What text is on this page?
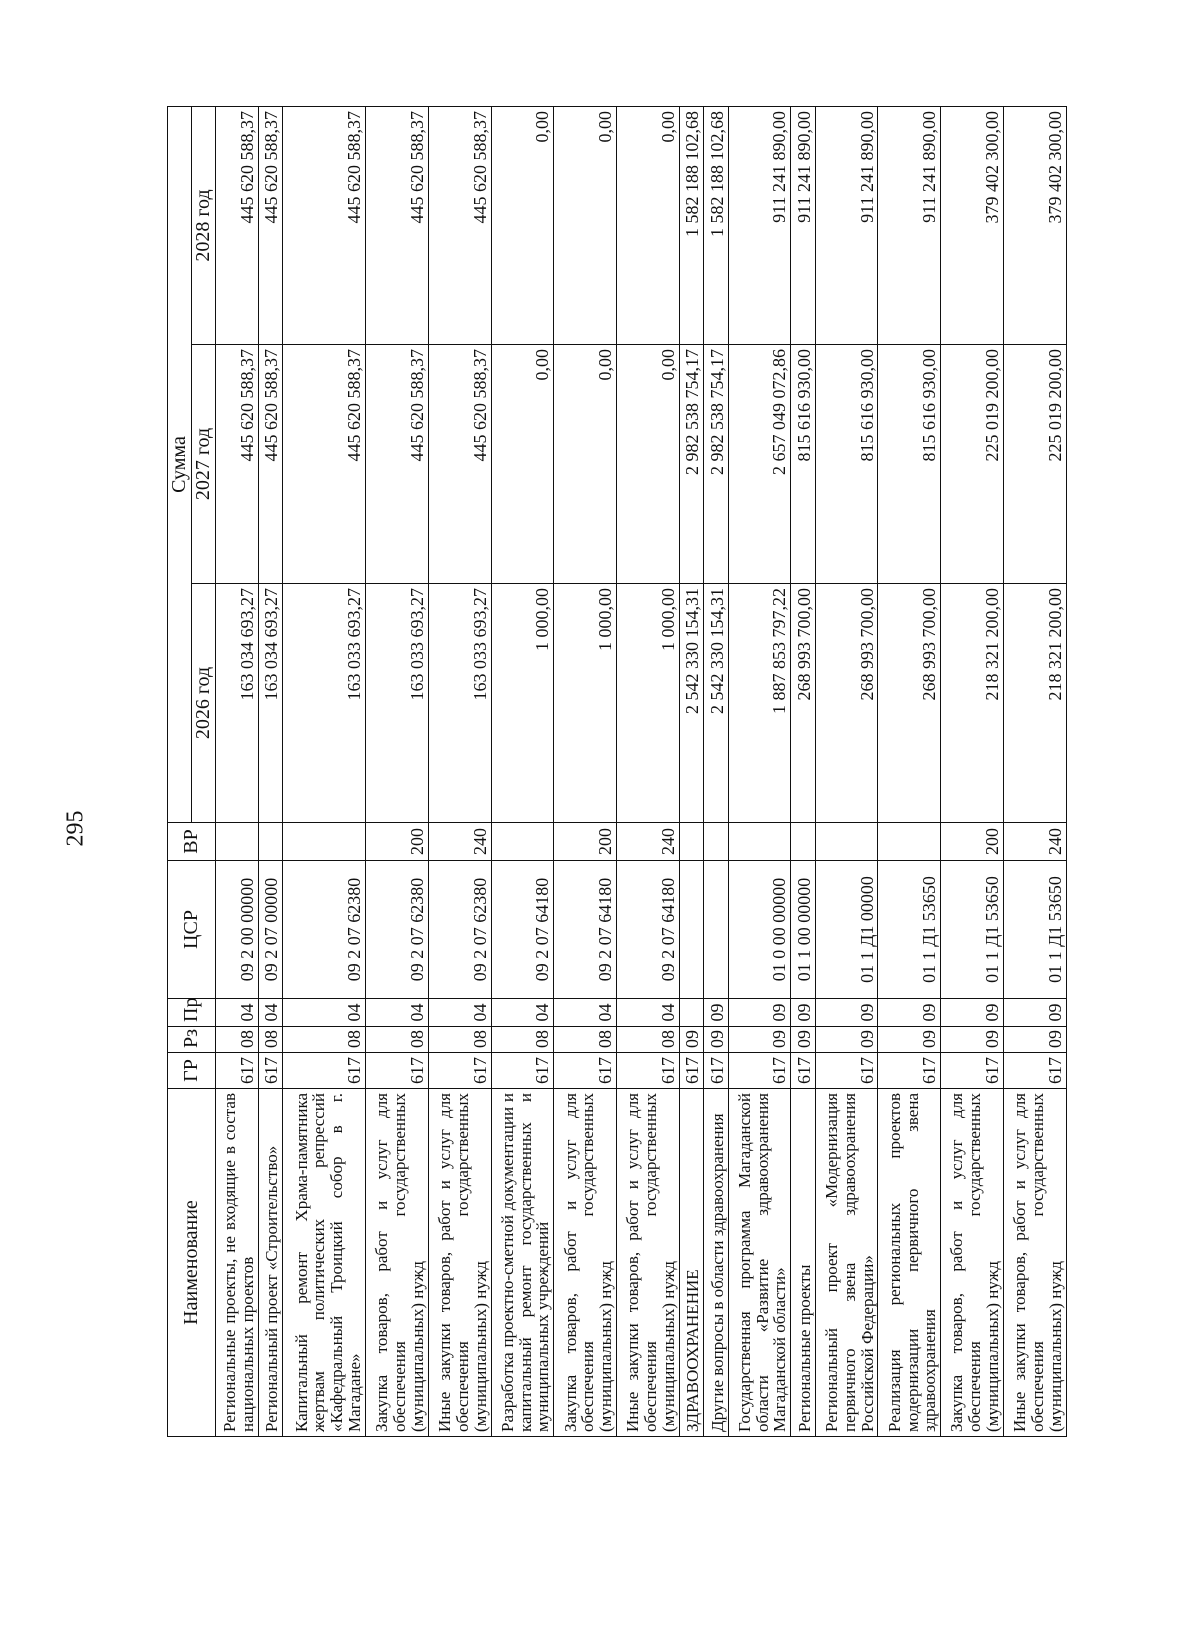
295
Наименование	ГР	Рз	Пр	ЦСР	ВР	Сумма		
						2026 год	2027 год	2028 год
Региональные проекты, не входящие в состав национальных проектов	617	08	04	09 2 00 00000		163 034 693,27	445 620 588,37	445 620 588,37
Региональный проект «Строительство»	617	08	04	09 2 07 00000		163 034 693,27	445 620 588,37	445 620 588,37
Капитальный ремонт Храма-памятника жертвам политических репрессий «Кафедральный Троицкий собор в г. Магадане»	617	08	04	09 2 07 62380		163 033 693,27	445 620 588,37	445 620 588,37
Закупка товаров, работ и услуг для обеспечения государственных (муниципальных) нужд	617	08	04	09 2 07 62380	200	163 033 693,27	445 620 588,37	445 620 588,37
Иные закупки товаров, работ и услуг для обеспечения государственных (муниципальных) нужд	617	08	04	09 2 07 62380	240	163 033 693,27	445 620 588,37	445 620 588,37
Разработка проектно-сметной документации и капитальный ремонт государственных и муниципальных учреждений	617	08	04	09 2 07 64180		1 000,00	0,00	0,00
Закупка товаров, работ и услуг для обеспечения государственных (муниципальных) нужд	617	08	04	09 2 07 64180	200	1 000,00	0,00	0,00
Иные закупки товаров, работ и услуг для обеспечения государственных (муниципальных) нужд	617	08	04	09 2 07 64180	240	1 000,00	0,00	0,00
ЗДРАВООХРАНЕНИЕ	617	09				2 542 330 154,31	2 982 538 754,17	1 582 188 102,68
Другие вопросы в области здравоохранения	617	09	09			2 542 330 154,31	2 982 538 754,17	1 582 188 102,68
Государственная программа Магаданской области «Развитие здравоохранения Магаданской области»	617	09	09	01 0 00 00000		1 887 853 797,22	2 657 049 072,86	911 241 890,00
Региональные проекты	617	09	09	01 1 00 00000		268 993 700,00	815 616 930,00	911 241 890,00
Региональный проект «Модернизация первичного звена здравоохранения Российской Федерации»	617	09	09	01 1 Д1 00000		268 993 700,00	815 616 930,00	911 241 890,00
Реализация региональных проектов модернизации первичного звена здравоохранения	617	09	09	01 1 Д1 53650		268 993 700,00	815 616 930,00	911 241 890,00
Закупка товаров, работ и услуг для обеспечения государственных (муниципальных) нужд	617	09	09	01 1 Д1 53650	200	218 321 200,00	225 019 200,00	379 402 300,00
Иные закупки товаров, работ и услуг для обеспечения государственных (муниципальных) нужд	617	09	09	01 1 Д1 53650	240	218 321 200,00	225 019 200,00	379 402 300,00
